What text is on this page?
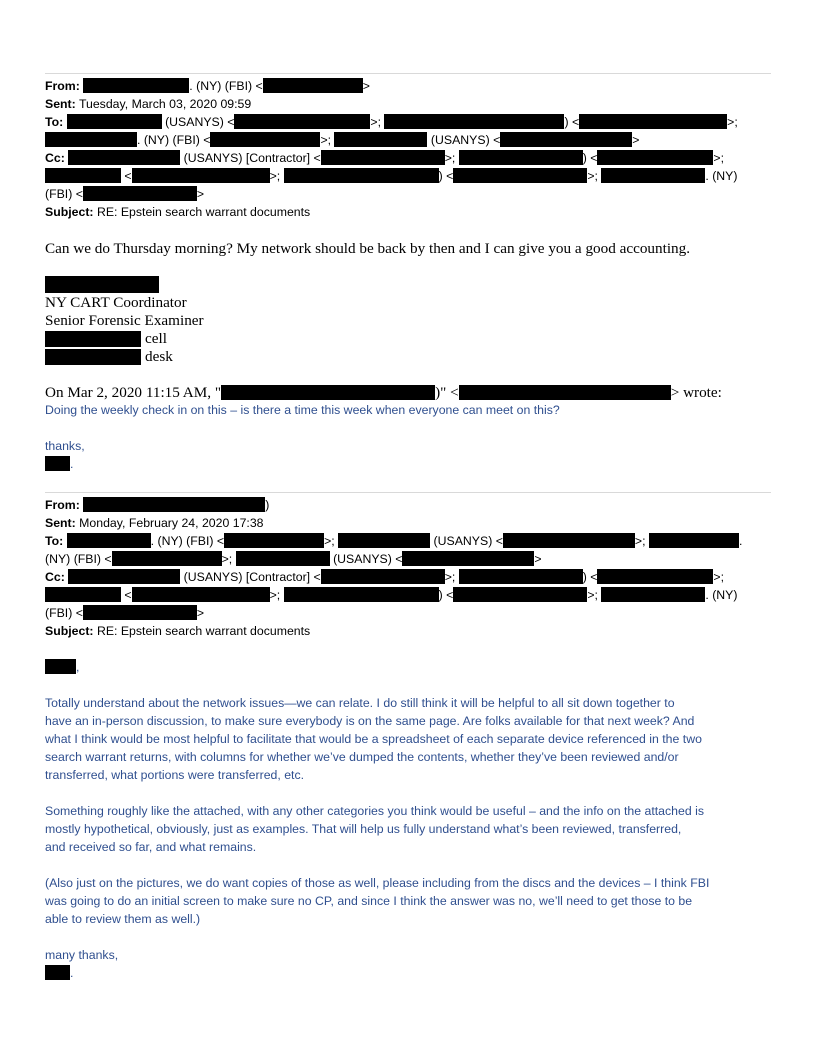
From:	. (NY) (FBI) <	>
Sent: Tuesday, March 03, 2020 09:59
To:	(USANYS) <	>;	) <	>;
. (NY) (FBI) <	>;	(USANYS) <	>
Cc:	(USANYS) [Contractor] <	>;	) <	>;
<	>;	) <	>;	. (NY)
(FBI) <	>
Subject: RE: Epstein search warrant documents
Can we do Thursday morning? My network should be back by then and I can give you a good accounting.
NY CART Coordinator
Senior Forensic Examiner
cell
desk
On Mar 2, 2020 11:15 AM, "	)" <	> wrote:
Doing the weekly check in on this – is there a time this week when everyone can meet on this?
thanks,
.
From:	)
Sent: Monday, February 24, 2020 17:38
To:	. (NY) (FBI) <	>;	(USANYS) <	>;	.
(NY) (FBI) <	>;	(USANYS) <	>
Cc:	(USANYS) [Contractor] <	>;	) <	>;
<	>;	) <	>;	. (NY)
(FBI) <	>
Subject: RE: Epstein search warrant documents
,
Totally understand about the network issues—we can relate. I do still think it will be helpful to all sit down together to
have an in-person discussion, to make sure everybody is on the same page. Are folks available for that next week? And
what I think would be most helpful to facilitate that would be a spreadsheet of each separate device referenced in the two
search warrant returns, with columns for whether we’ve dumped the contents, whether they’ve been reviewed and/or
transferred, what portions were transferred, etc.
Something roughly like the attached, with any other categories you think would be useful – and the info on the attached is
mostly hypothetical, obviously, just as examples. That will help us fully understand what’s been reviewed, transferred,
and received so far, and what remains.
(Also just on the pictures, we do want copies of those as well, please including from the discs and the devices – I think FBI
was going to do an initial screen to make sure no CP, and since I think the answer was no, we’ll need to get those to be
able to review them as well.)
many thanks,
.
